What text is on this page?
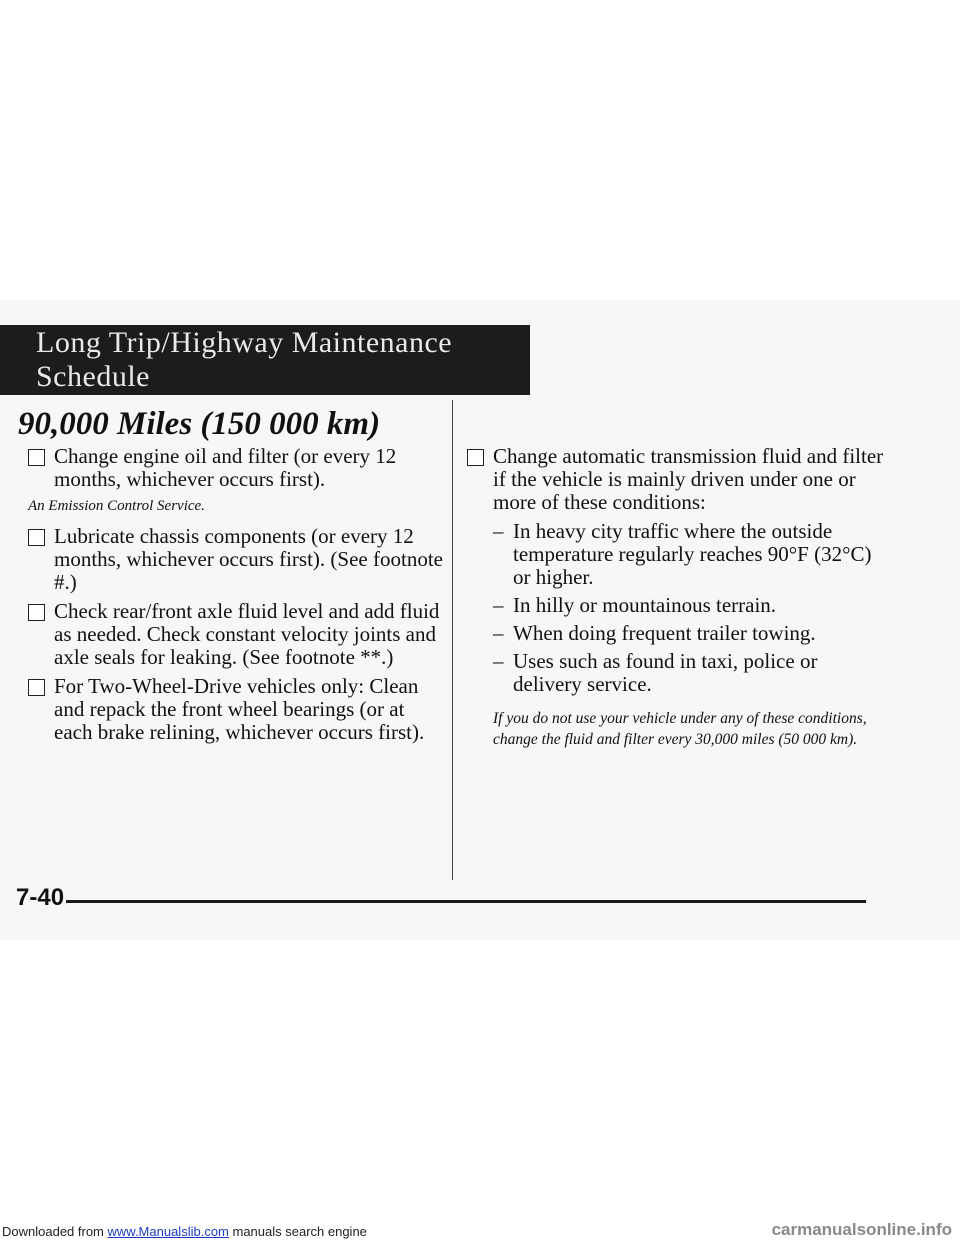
Long Trip/Highway Maintenance Schedule
90,000 Miles (150 000 km)
Change engine oil and filter (or every 12 months, whichever occurs first).

An Emission Control Service.

Lubricate chassis components (or every 12 months, whichever occurs first). (See footnote #.)
Check rear/front axle fluid level and add fluid as needed. Check constant velocity joints and axle seals for leaking. (See footnote **.)
For Two-Wheel-Drive vehicles only: Clean and repack the front wheel bearings (or at each brake relining, whichever occurs first).
Change automatic transmission fluid and filter if the vehicle is mainly driven under one or more of these conditions:
– In heavy city traffic where the outside temperature regularly reaches 90°F (32°C) or higher.
– In hilly or mountainous terrain.
– When doing frequent trailer towing.
– Uses such as found in taxi, police or delivery service.

If you do not use your vehicle under any of these conditions, change the fluid and filter every 30,000 miles (50 000 km).

7-40
Downloaded from www.Manualslib.com manuals search engine	carmanualsonline.info
